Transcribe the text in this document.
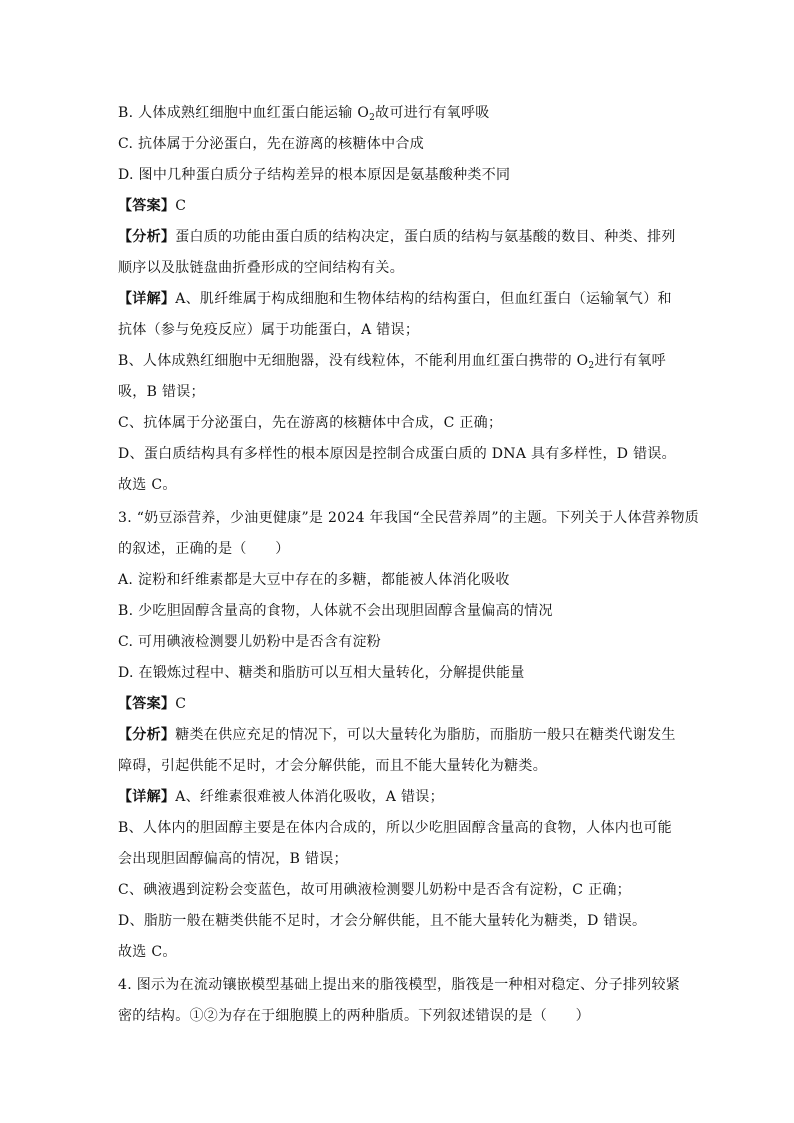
B. 人体成熟红细胞中血红蛋白能运输 $O_2$故可进行有氧呼吸
C. 抗体属于分泌蛋白，先在游离的核糖体中合成
D. 图中几种蛋白质分子结构差异的根本原因是氨基酸种类不同
【答案】C
【分析】蛋白质的功能由蛋白质的结构决定，蛋白质的结构与氨基酸的数目、种类、排列
顺序以及肽链盘曲折叠形成的空间结构有关。
【详解】A、肌纤维属于构成细胞和生物体结构的结构蛋白，但血红蛋白（运输氧气）和
抗体（参与免疫反应）属于功能蛋白，A 错误；
B、人体成熟红细胞中无细胞器，没有线粒体，不能利用血红蛋白携带的 $O_2$进行有氧呼
吸，B 错误；
C、抗体属于分泌蛋白，先在游离的核糖体中合成，C 正确；
D、蛋白质结构具有多样性的根本原因是控制合成蛋白质的 DNA 具有多样性，D 错误。
故选 C。
3. “奶豆添营养，少油更健康”是 2024 年我国“全民营养周”的主题。下列关于人体营养物质
的叙述，正确的是（　　）
A. 淀粉和纤维素都是大豆中存在的多糖，都能被人体消化吸收
B. 少吃胆固醇含量高的食物，人体就不会出现胆固醇含量偏高的情况
C. 可用碘液检测婴儿奶粉中是否含有淀粉
D. 在锻炼过程中、糖类和脂肪可以互相大量转化，分解提供能量
【答案】C
【分析】糖类在供应充足的情况下，可以大量转化为脂肪，而脂肪一般只在糖类代谢发生
障碍，引起供能不足时，才会分解供能，而且不能大量转化为糖类。
【详解】A、纤维素很难被人体消化吸收，A 错误；
B、人体内的胆固醇主要是在体内合成的，所以少吃胆固醇含量高的食物，人体内也可能
会出现胆固醇偏高的情况，B 错误；
C、碘液遇到淀粉会变蓝色，故可用碘液检测婴儿奶粉中是否含有淀粉，C 正确；
D、脂肪一般在糖类供能不足时，才会分解供能，且不能大量转化为糖类，D 错误。
故选 C。
4. 图示为在流动镶嵌模型基础上提出来的脂筏模型，脂筏是一种相对稳定、分子排列较紧
密的结构。①②为存在于细胞膜上的两种脂质。下列叙述错误的是（　　）
